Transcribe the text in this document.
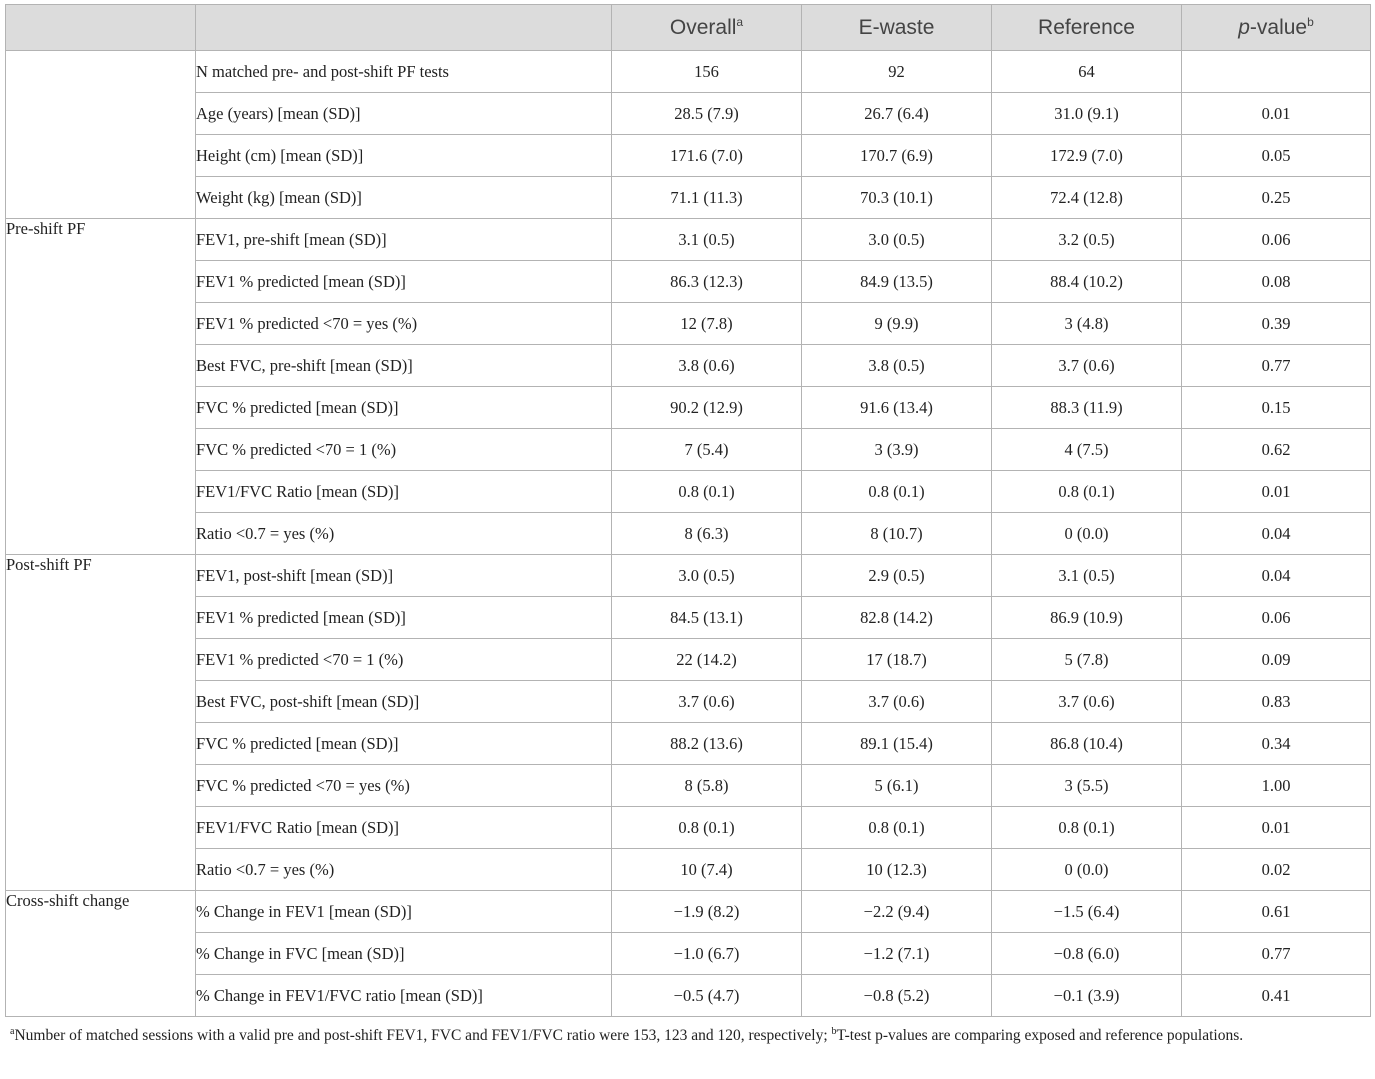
		Overall$^a$	E-waste	Reference	p-value$^b$
	N matched pre- and post-shift PF tests	156	92	64	
	Age (years) [mean (SD)]	28.5 (7.9)	26.7 (6.4)	31.0 (9.1)	0.01
	Height (cm) [mean (SD)]	171.6 (7.0)	170.7 (6.9)	172.9 (7.0)	0.05
	Weight (kg) [mean (SD)]	71.1 (11.3)	70.3 (10.1)	72.4 (12.8)	0.25
Pre-shift PF	FEV1, pre-shift [mean (SD)]	3.1 (0.5)	3.0 (0.5)	3.2 (0.5)	0.06
	FEV1 % predicted [mean (SD)]	86.3 (12.3)	84.9 (13.5)	88.4 (10.2)	0.08
	FEV1 % predicted <70 = yes (%)	12 (7.8)	9 (9.9)	3 (4.8)	0.39
	Best FVC, pre-shift [mean (SD)]	3.8 (0.6)	3.8 (0.5)	3.7 (0.6)	0.77
	FVC % predicted [mean (SD)]	90.2 (12.9)	91.6 (13.4)	88.3 (11.9)	0.15
	FVC % predicted <70 = 1 (%)	7 (5.4)	3 (3.9)	4 (7.5)	0.62
	FEV1/FVC Ratio [mean (SD)]	0.8 (0.1)	0.8 (0.1)	0.8 (0.1)	0.01
	Ratio <0.7 = yes (%)	8 (6.3)	8 (10.7)	0 (0.0)	0.04
Post-shift PF	FEV1, post-shift [mean (SD)]	3.0 (0.5)	2.9 (0.5)	3.1 (0.5)	0.04
	FEV1 % predicted [mean (SD)]	84.5 (13.1)	82.8 (14.2)	86.9 (10.9)	0.06
	FEV1 % predicted <70 = 1 (%)	22 (14.2)	17 (18.7)	5 (7.8)	0.09
	Best FVC, post-shift [mean (SD)]	3.7 (0.6)	3.7 (0.6)	3.7 (0.6)	0.83
	FVC % predicted [mean (SD)]	88.2 (13.6)	89.1 (15.4)	86.8 (10.4)	0.34
	FVC % predicted <70 = yes (%)	8 (5.8)	5 (6.1)	3 (5.5)	1.00
	FEV1/FVC Ratio [mean (SD)]	0.8 (0.1)	0.8 (0.1)	0.8 (0.1)	0.01
	Ratio <0.7 = yes (%)	10 (7.4)	10 (12.3)	0 (0.0)	0.02
Cross-shift change	% Change in FEV1 [mean (SD)]	−1.9 (8.2)	−2.2 (9.4)	−1.5 (6.4)	0.61
	% Change in FVC [mean (SD)]	−1.0 (6.7)	−1.2 (7.1)	−0.8 (6.0)	0.77
	% Change in FEV1/FVC ratio [mean (SD)]	−0.5 (4.7)	−0.8 (5.2)	−0.1 (3.9)	0.41
$^a$Number of matched sessions with a valid pre and post-shift FEV1, FVC and FEV1/FVC ratio were 153, 123 and 120, respectively; $^b$T-test p-values are comparing exposed and reference populations.
